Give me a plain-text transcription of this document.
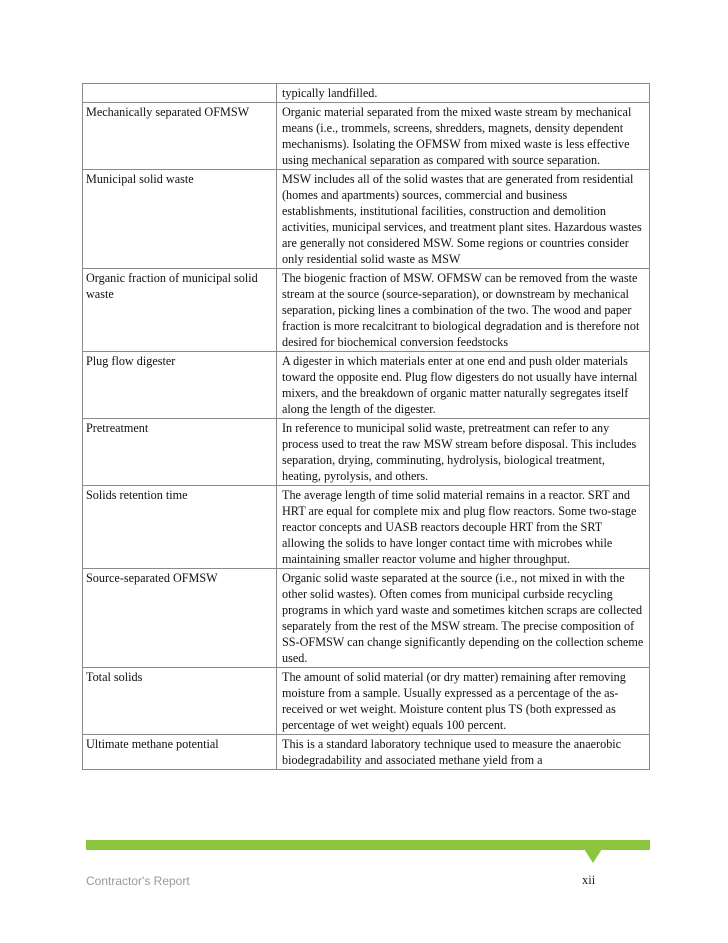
	typically landfilled.
Mechanically separated OFMSW	Organic material separated from the mixed waste stream by mechanical means (i.e., trommels, screens, shredders, magnets, density dependent mechanisms). Isolating the OFMSW from mixed waste is less effective using mechanical separation as compared with source separation.
Municipal solid waste	MSW includes all of the solid wastes that are generated from residential (homes and apartments) sources, commercial and business establishments, institutional facilities, construction and demolition activities, municipal services, and treatment plant sites. Hazardous wastes are generally not considered MSW. Some regions or countries consider only residential solid waste as MSW
Organic fraction of municipal solid waste	The biogenic fraction of MSW. OFMSW can be removed from the waste stream at the source (source-separation), or downstream by mechanical separation, picking lines a combination of the two. The wood and paper fraction is more recalcitrant to biological degradation and is therefore not desired for biochemical conversion feedstocks
Plug flow digester	A digester in which materials enter at one end and push older materials toward the opposite end. Plug flow digesters do not usually have internal mixers, and the breakdown of organic matter naturally segregates itself along the length of the digester.
Pretreatment	In reference to municipal solid waste, pretreatment can refer to any process used to treat the raw MSW stream before disposal. This includes separation, drying, comminuting, hydrolysis, biological treatment, heating, pyrolysis, and others.
Solids retention time	The average length of time solid material remains in a reactor. SRT and HRT are equal for complete mix and plug flow reactors. Some two-stage reactor concepts and UASB reactors decouple HRT from the SRT allowing the solids to have longer contact time with microbes while maintaining smaller reactor volume and higher throughput.
Source-separated OFMSW	Organic solid waste separated at the source (i.e., not mixed in with the other solid wastes). Often comes from municipal curbside recycling programs in which yard waste and sometimes kitchen scraps are collected separately from the rest of the MSW stream. The precise composition of SS-OFMSW can change significantly depending on the collection scheme used.
Total solids	The amount of solid material (or dry matter) remaining after removing moisture from a sample. Usually expressed as a percentage of the as-received or wet weight. Moisture content plus TS (both expressed as percentage of wet weight) equals 100 percent.
Ultimate methane potential	This is a standard laboratory technique used to measure the anaerobic biodegradability and associated methane yield from a
Contractor's Report	xii
